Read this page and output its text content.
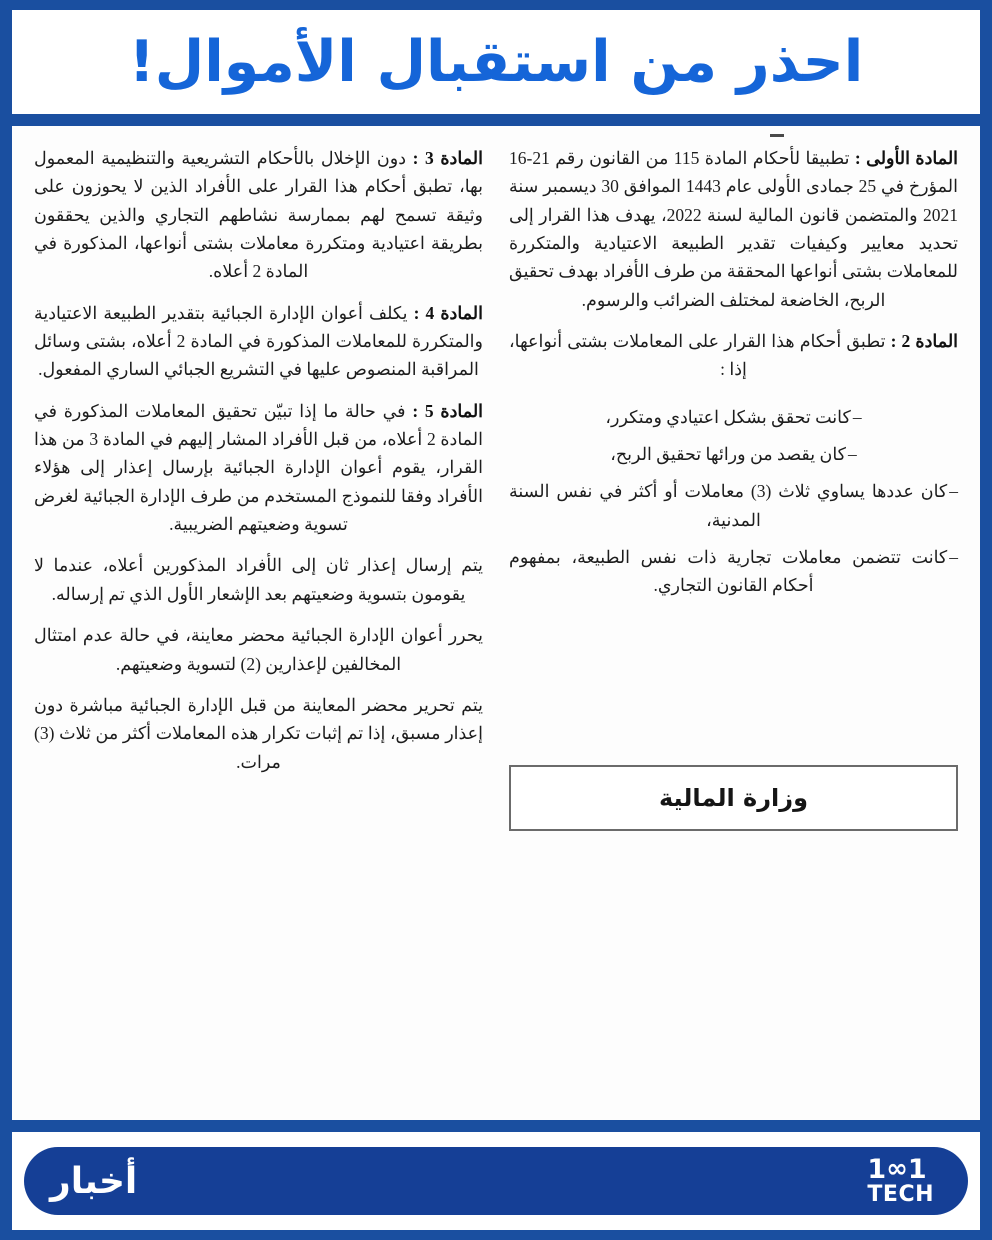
احذر من استقبال الأموال!

المادة الأولى : تطبيقا لأحكام المادة 115 من القانون رقم 21-16 المؤرخ في 25 جمادى الأولى عام 1443 الموافق 30 ديسمبر سنة 2021 والمتضمن قانون المالية لسنة 2022، يهدف هذا القرار إلى تحديد معايير وكيفيات تقدير الطبيعة الاعتيادية والمتكررة للمعاملات بشتى أنواعها المحققة من طرف الأفراد بهدف تحقيق الربح، الخاضعة لمختلف الضرائب والرسوم.

المادة 2 : تطبق أحكام هذا القرار على المعاملات بشتى أنواعها، إذا :

–كانت تحقق بشكل اعتيادي ومتكرر،
–كان يقصد من ورائها تحقيق الربح،
–كان عددها يساوي ثلاث (3) معاملات أو أكثر في نفس السنة المدنية،
–كانت تتضمن معاملات تجارية ذات نفس الطبيعة، بمفهوم أحكام القانون التجاري.
وزارة المالية

المادة 3 : دون الإخلال بالأحكام التشريعية والتنظيمية المعمول بها، تطبق أحكام هذا القرار على الأفراد الذين لا يحوزون على وثيقة تسمح لهم بممارسة نشاطهم التجاري والذين يحققون بطريقة اعتيادية ومتكررة معاملات بشتى أنواعها، المذكورة في المادة 2 أعلاه.

المادة 4 : يكلف أعوان الإدارة الجبائية بتقدير الطبيعة الاعتيادية والمتكررة للمعاملات المذكورة في المادة 2 أعلاه، بشتى وسائل المراقبة المنصوص عليها في التشريع الجبائي الساري المفعول.

المادة 5 : في حالة ما إذا تبيّن تحقيق المعاملات المذكورة في المادة 2 أعلاه، من قبل الأفراد المشار إليهم في المادة 3 من هذا القرار، يقوم أعوان الإدارة الجبائية بإرسال إعذار إلى هؤلاء الأفراد وفقا للنموذج المستخدم من طرف الإدارة الجبائية لغرض تسوية وضعيتهم الضريبية.

يتم إرسال إعذار ثان إلى الأفراد المذكورين أعلاه، عندما لا يقومون بتسوية وضعيتهم بعد الإشعار الأول الذي تم إرساله.

يحرر أعوان الإدارة الجبائية محضر معاينة، في حالة عدم امتثال المخالفين لإعذارين (2) لتسوية وضعيتهم.

يتم تحرير محضر المعاينة من قبل الإدارة الجبائية مباشرة دون إعذار مسبق، إذا تم إثبات تكرار هذه المعاملات أكثر من ثلاث (3) مرات.

1 ∞ 1
TECH
أخبار
